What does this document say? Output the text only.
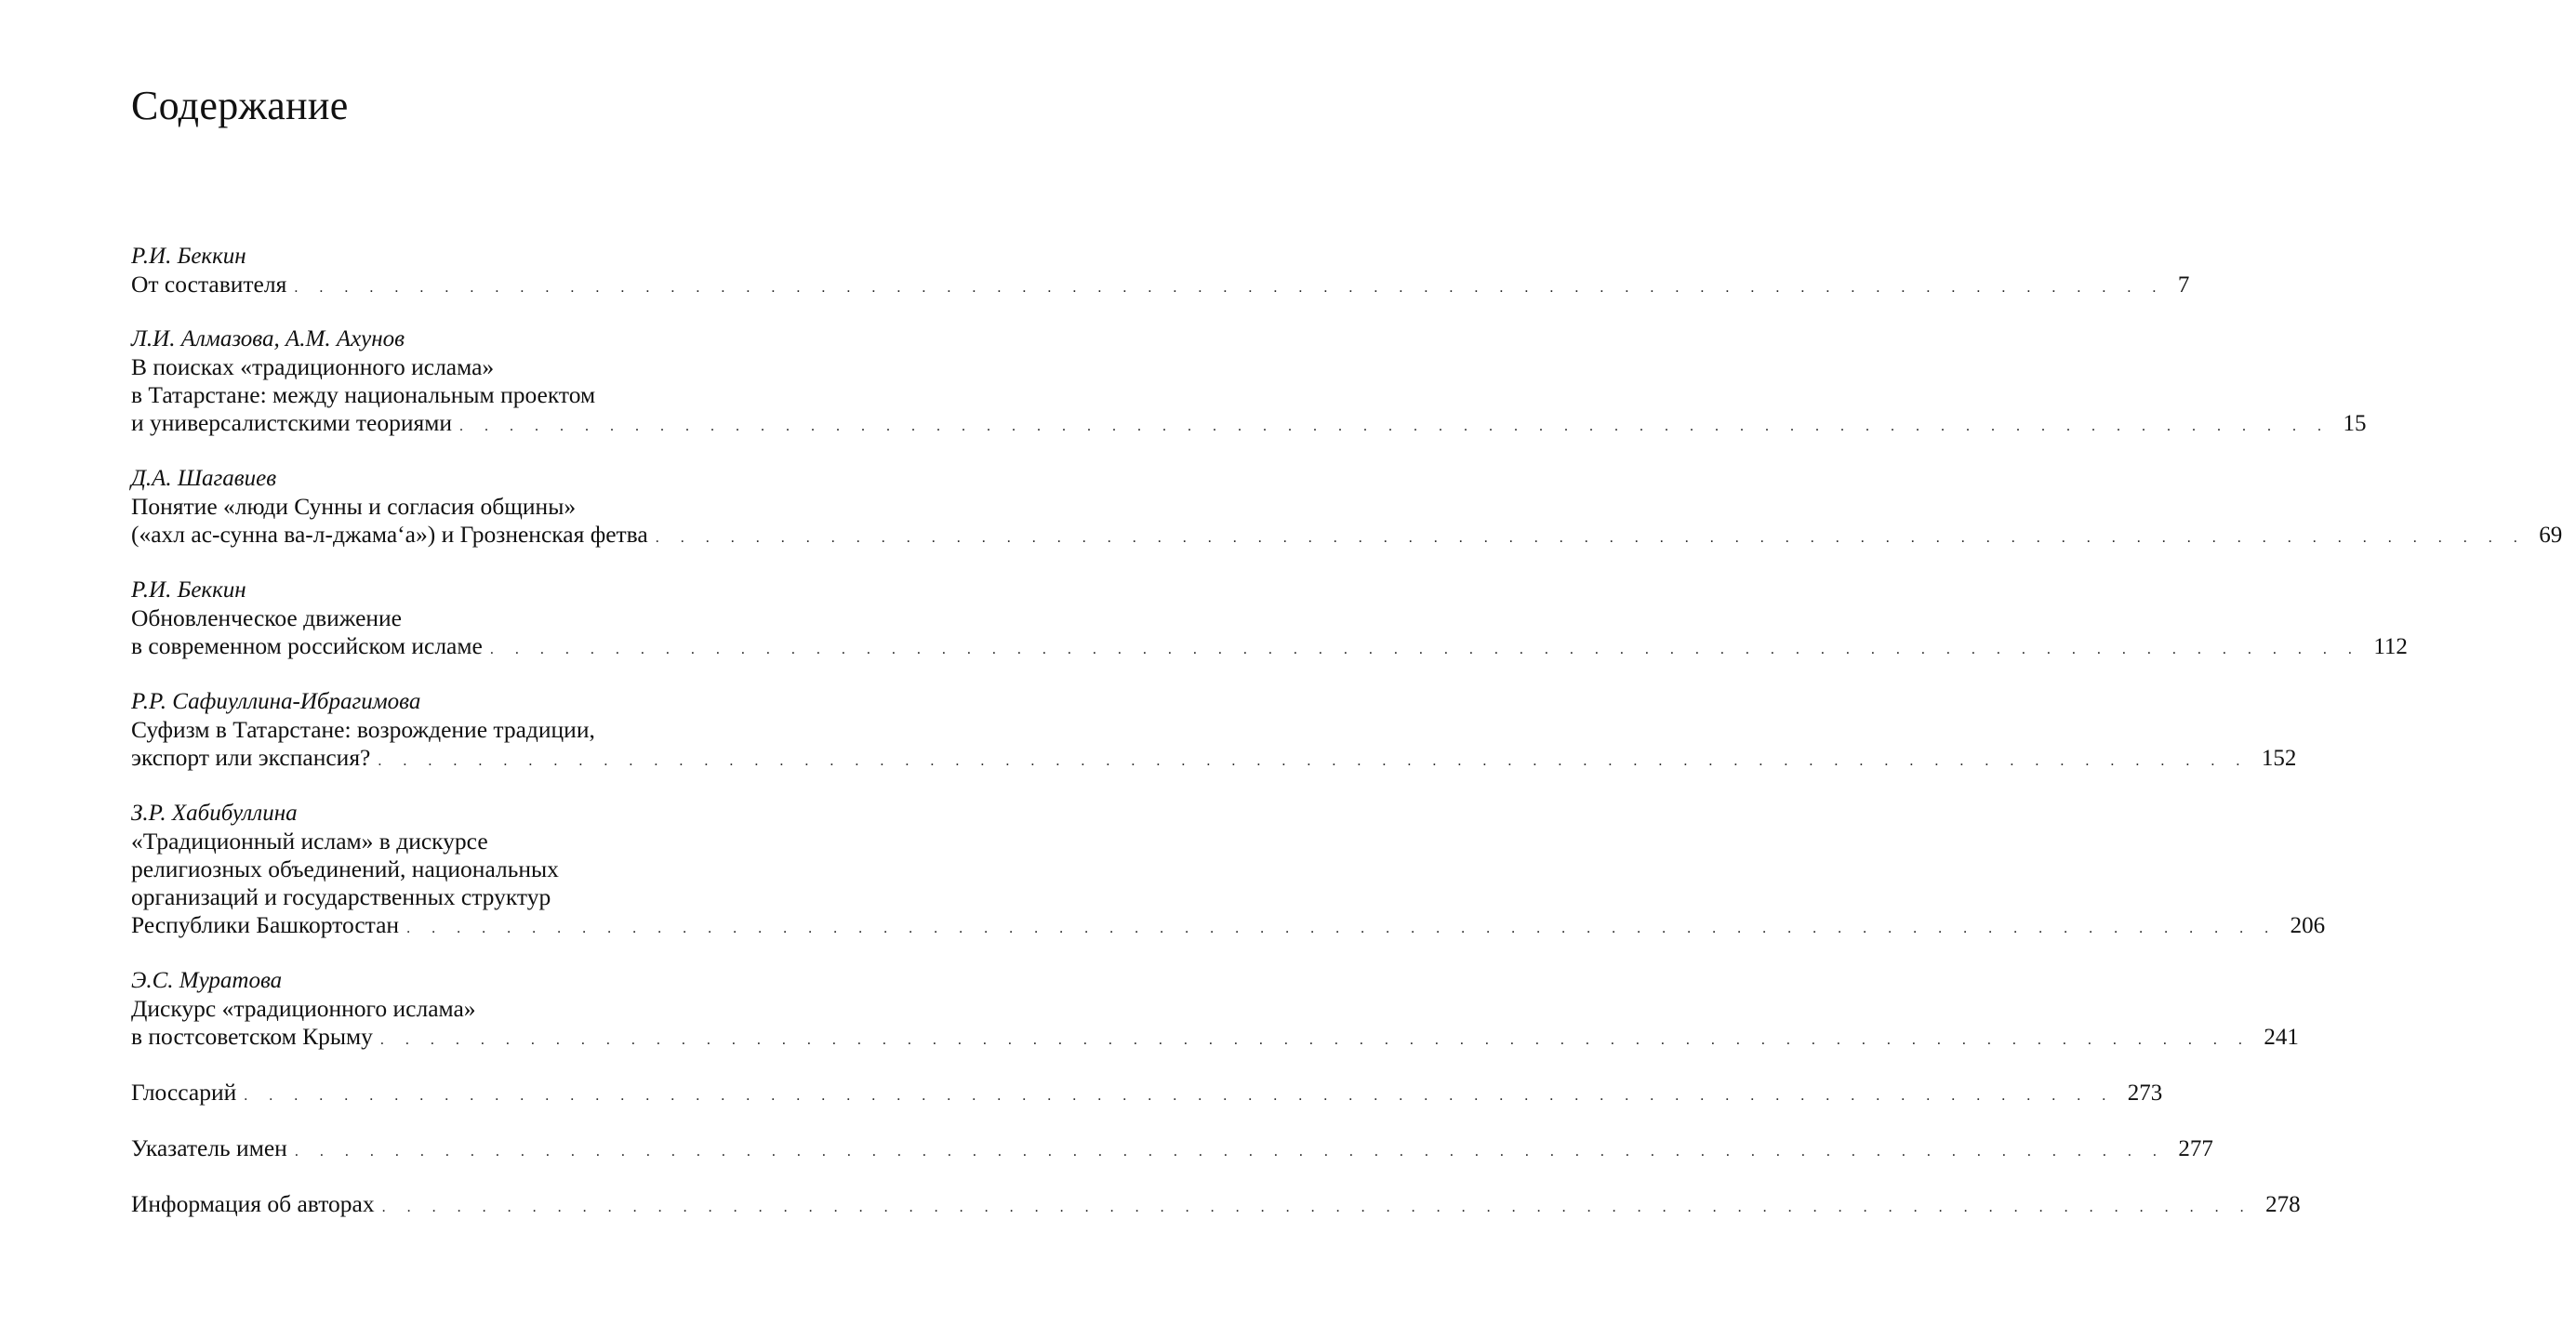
Содержание
Р.И. Беккин
От составителя . . . . . . . . . . . . . . . . . . . . . . . . . . . . . . . . . . . . . . . . . . . . . . . . . . . . . . . . . . . . . . . . . . . . . . . . . . . 7
Л.И. Алмазова, А.М. Ахунов
В поисках «традиционного ислама»
в Татарстане: между национальным проектом
и универсалистскими теориями . . . . . . . . . . . . . . . . . . . . . . . . . . . . . . . . . . . . . . . . . . . . . . . . . . . . . . . . . . . . . . . . . . . . . . . . . . . 15
Д.А. Шагавиев
Понятие «люди Сунны и согласия общины»
(«ахл ас-сунна ва-л-джама‘а») и Грозненская фетва . . . . . . . . . . . . . . . . . . . . . . . . . . . . . . . . . . . . . . . . . . . . . . . . . . . . . . . . . . . . . . . . . . . . . . . . . . . 69
Р.И. Беккин
Обновленческое движение
в современном российском исламе . . . . . . . . . . . . . . . . . . . . . . . . . . . . . . . . . . . . . . . . . . . . . . . . . . . . . . . . . . . . . . . . . . . . . . . . . . . 112
Р.Р. Сафиуллина-Ибрагимова
Суфизм в Татарстане: возрождение традиции,
экспорт или экспансия? . . . . . . . . . . . . . . . . . . . . . . . . . . . . . . . . . . . . . . . . . . . . . . . . . . . . . . . . . . . . . . . . . . . . . . . . . . . 152
З.Р. Хабибуллина
«Традиционный ислам» в дискурсе
религиозных объединений, национальных
организаций и государственных структур
Республики Башкортостан . . . . . . . . . . . . . . . . . . . . . . . . . . . . . . . . . . . . . . . . . . . . . . . . . . . . . . . . . . . . . . . . . . . . . . . . . . . 206
Э.С. Муратова
Дискурс «традиционного ислама»
в постсоветском Крыму . . . . . . . . . . . . . . . . . . . . . . . . . . . . . . . . . . . . . . . . . . . . . . . . . . . . . . . . . . . . . . . . . . . . . . . . . . . 241
Глоссарий . . . . . . . . . . . . . . . . . . . . . . . . . . . . . . . . . . . . . . . . . . . . . . . . . . . . . . . . . . . . . . . . . . . . . . . . . . . 273
Указатель имен . . . . . . . . . . . . . . . . . . . . . . . . . . . . . . . . . . . . . . . . . . . . . . . . . . . . . . . . . . . . . . . . . . . . . . . . . . . 277
Информация об авторах . . . . . . . . . . . . . . . . . . . . . . . . . . . . . . . . . . . . . . . . . . . . . . . . . . . . . . . . . . . . . . . . . . . . . . . . . . . 278
